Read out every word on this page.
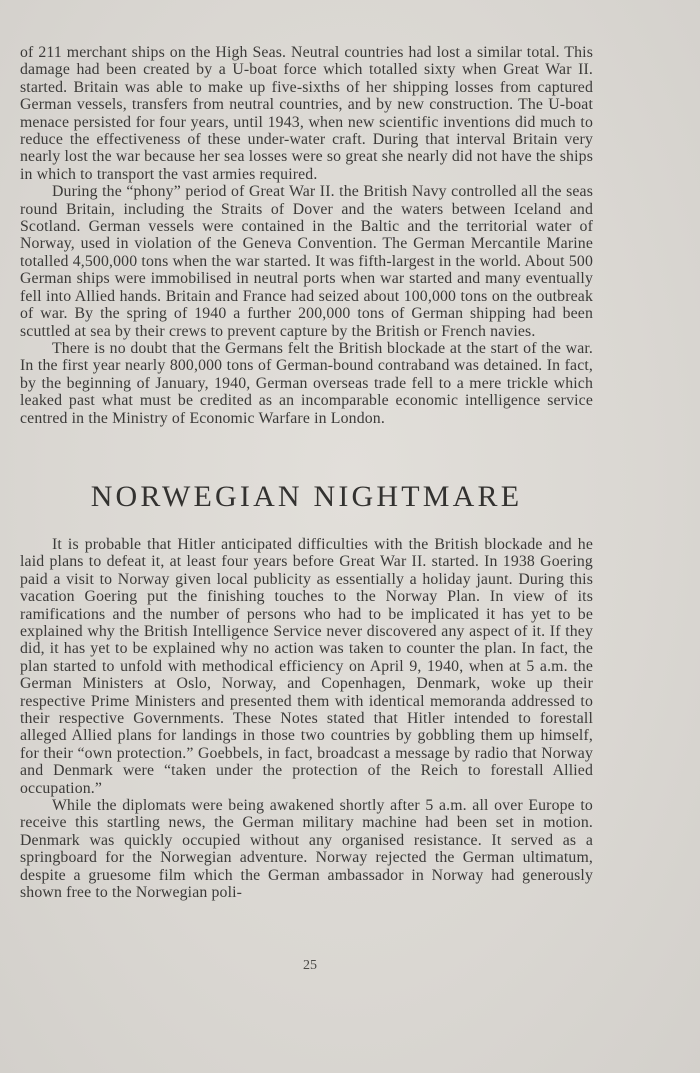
of 211 merchant ships on the High Seas. Neutral countries had lost a similar total. This damage had been created by a U-boat force which totalled sixty when Great War II. started. Britain was able to make up five-sixths of her shipping losses from captured German vessels, transfers from neutral countries, and by new construction. The U-boat menace persisted for four years, until 1943, when new scientific inventions did much to reduce the effectiveness of these under-water craft. During that interval Britain very nearly lost the war because her sea losses were so great she nearly did not have the ships in which to transport the vast armies required.

During the “phony” period of Great War II. the British Navy controlled all the seas round Britain, including the Straits of Dover and the waters between Iceland and Scotland. German vessels were contained in the Baltic and the territorial water of Norway, used in violation of the Geneva Convention. The German Mercantile Marine totalled 4,500,000 tons when the war started. It was fifth-largest in the world. About 500 German ships were immobilised in neutral ports when war started and many eventually fell into Allied hands. Britain and France had seized about 100,000 tons on the outbreak of war. By the spring of 1940 a further 200,000 tons of German shipping had been scuttled at sea by their crews to prevent capture by the British or French navies.

There is no doubt that the Germans felt the British blockade at the start of the war. In the first year nearly 800,000 tons of German-bound contraband was detained. In fact, by the beginning of January, 1940, German overseas trade fell to a mere trickle which leaked past what must be credited as an incomparable economic intelligence service centred in the Ministry of Economic Warfare in London.

NORWEGIAN NIGHTMARE

It is probable that Hitler anticipated difficulties with the British blockade and he laid plans to defeat it, at least four years before Great War II. started. In 1938 Goering paid a visit to Norway given local publicity as essentially a holiday jaunt. During this vacation Goering put the finishing touches to the Norway Plan. In view of its ramifications and the number of persons who had to be implicated it has yet to be explained why the British Intelligence Service never discovered any aspect of it. If they did, it has yet to be explained why no action was taken to counter the plan. In fact, the plan started to unfold with methodical efficiency on April 9, 1940, when at 5 a.m. the German Ministers at Oslo, Norway, and Copenhagen, Denmark, woke up their respective Prime Ministers and presented them with identical memoranda addressed to their respective Governments. These Notes stated that Hitler intended to forestall alleged Allied plans for landings in those two countries by gobbling them up himself, for their “own protection.” Goebbels, in fact, broadcast a message by radio that Norway and Denmark were “taken under the protection of the Reich to forestall Allied occupation.”

While the diplomats were being awakened shortly after 5 a.m. all over Europe to receive this startling news, the German military machine had been set in motion. Denmark was quickly occupied without any organised resistance. It served as a springboard for the Norwegian adventure. Norway rejected the German ultimatum, despite a gruesome film which the German ambassador in Norway had generously shown free to the Norwegian poli-

25
